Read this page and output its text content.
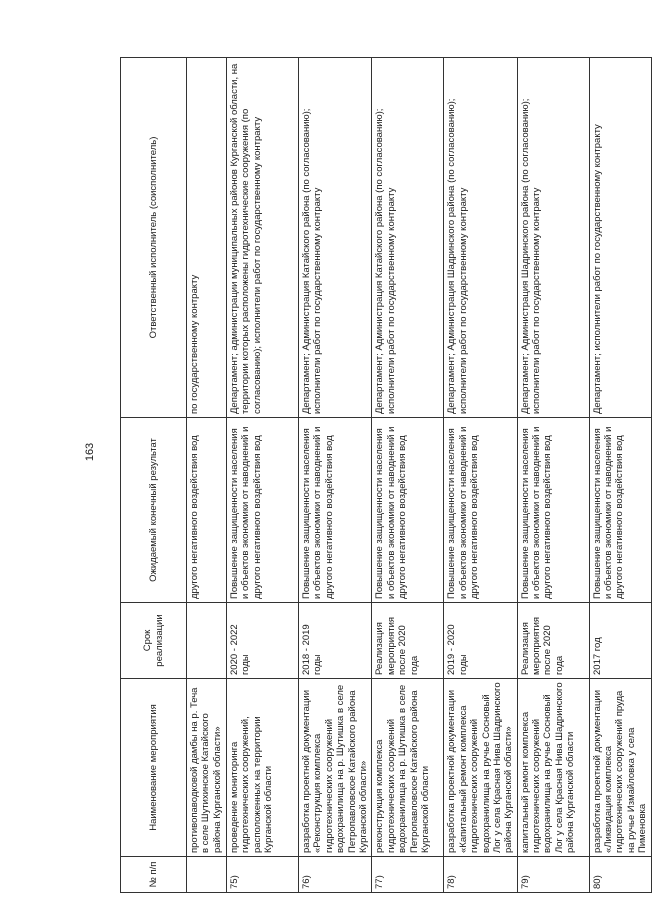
163
№ п/п	Наименование мероприятия	Срок реализации	Ожидаемый конечный результат	Ответственный исполнитель (соисполнитель)
	противопаводковой дамбы на р. Теча в селе Шутихинское Катайского района Курганской области»		другого негативного воздействия вод	по государственному контракту
75)	проведение мониторинга гидротехнических сооружений, расположенных на территории Курганской области	2020 - 2022 годы	Повышение защищенности населения и объектов экономики от наводнений и другого негативного воздействия вод	Департамент; администрации муниципальных районов Курганской области, на территории которых расположены гидротехнические сооружения (по согласованию); исполнители работ по государственному контракту
76)	разработка проектной документации «Реконструкция комплекса гидротехнических сооружений водохранилища на р. Шутишка в селе Петропавловское Катайского района Курганской области»	2018 - 2019 годы	Повышение защищенности населения и объектов экономики от наводнений и другого негативного воздействия вод	Департамент; Администрация Катайского района (по согласованию); исполнители работ по государственному контракту
77)	реконструкция комплекса гидротехнических сооружений водохранилища на р. Шутишка в селе Петропавловское Катайского района Курганской области	Реализация мероприятия после 2020 года	Повышение защищенности населения и объектов экономики от наводнений и другого негативного воздействия вод	Департамент; Администрация Катайского района (по согласованию); исполнители работ по государственному контракту
78)	разработка проектной документации «Капитальный ремонт комплекса гидротехнических сооружений водохранилища на ручье Сосновый Лог у села Красная Нива Шадринского района Курганской области»	2019 - 2020 годы	Повышение защищенности населения и объектов экономики от наводнений и другого негативного воздействия вод	Департамент; Администрация Шадринского района (по согласованию); исполнители работ по государственному контракту
79)	капитальный ремонт комплекса гидротехнических сооружений водохранилища на ручье Сосновый Лог у села Красная Нива Шадринского района Курганской области	Реализация мероприятия после 2020 года	Повышение защищенности населения и объектов экономики от наводнений и другого негативного воздействия вод	Департамент; Администрация Шадринского района (по согласованию); исполнители работ по государственному контракту
80)	разработка проектной документации «Ликвидация комплекса гидротехнических сооружений пруда на ручье Измайловка у села Пименовка	2017 год	Повышение защищенности населения и объектов экономики от наводнений и другого негативного воздействия вод	Департамент; исполнители работ по государственному контракту
